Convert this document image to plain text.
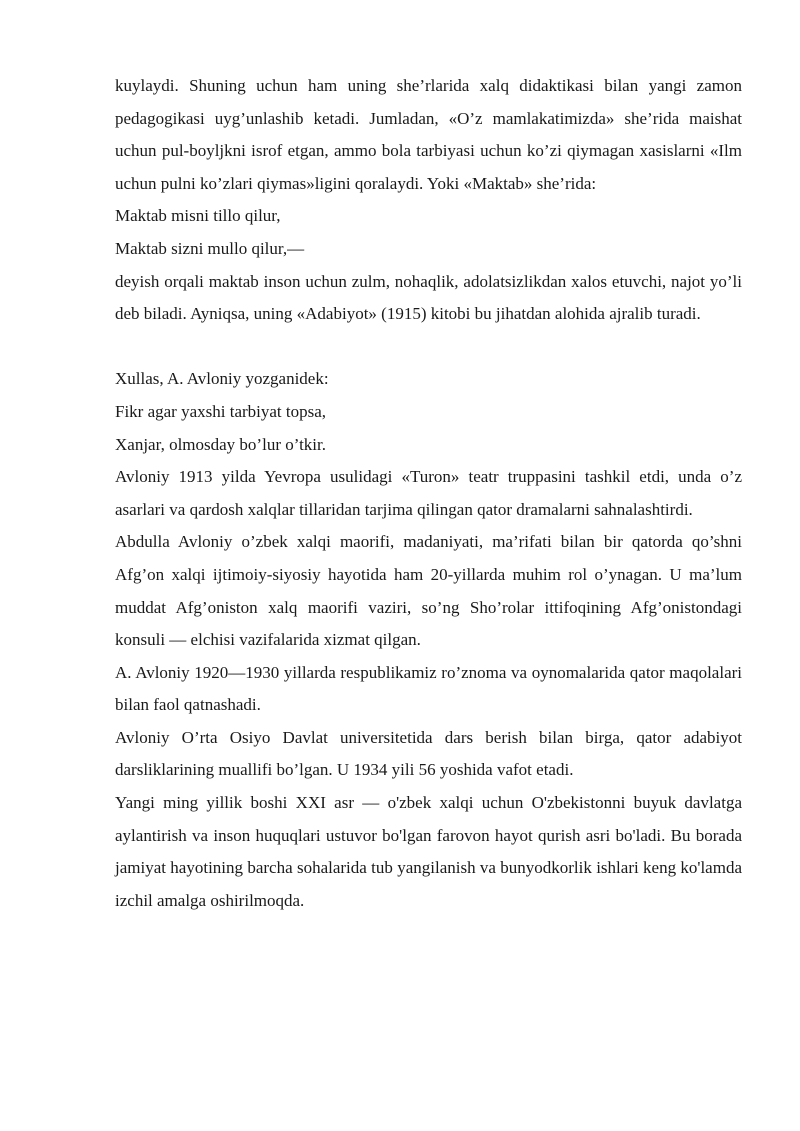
kuylaydi. Shuning uchun ham uning she’rlarida xalq didaktikasi bilan yangi zamon pedagogikasi uyg’unlashib ketadi. Jumladan, «O’z mamlakatimizda» she’rida maishat uchun pul-boyljkni isrof etgan, ammo bola tarbiyasi uchun ko’zi qiymagan xasislarni «Ilm uchun pulni ko’zlari qiymas»ligini qoralaydi. Yoki «Maktab» she’rida:

Maktab misni tillo qilur,

Maktab sizni mullo qilur,—

deyish orqali maktab inson uchun zulm, nohaqlik, adolatsizlikdan xalos etuvchi, najot yo’li deb biladi. Ayniqsa, uning «Adabiyot» (1915) kitobi bu jihatdan alohida ajralib turadi.

Xullas, A. Avloniy yozganidek:

Fikr agar yaxshi tarbiyat topsa,

Xanjar, olmosday bo’lur o’tkir.

Avloniy 1913 yilda Yevropa usulidagi «Turon» teatr truppasini tashkil etdi, unda o’z asarlari va qardosh xalqlar tillaridan tarjima qilingan qator dramalarni sahnalashtirdi.

Abdulla Avloniy o’zbek xalqi maorifi, madaniyati, ma’rifati bilan bir qatorda qo’shni Afg’on xalqi ijtimoiy-siyosiy hayotida ham 20-yillarda muhim rol o’ynagan. U ma’lum muddat Afg’oniston xalq maorifi vaziri, so’ng Sho’rolar ittifoqining Afg’onistondagi konsuli — elchisi vazifalarida xizmat qilgan.

A. Avloniy 1920—1930 yillarda respublikamiz ro’znoma va oynomalarida qator maqolalari bilan faol qatnashadi.

Avloniy O’rta Osiyo Davlat universitetida dars berish bilan birga, qator adabiyot darsliklarining muallifi bo’lgan. U 1934 yili 56 yoshida vafot etadi.

Yangi ming yillik boshi XXI asr — o'zbek xalqi uchun O'zbekistonni buyuk davlatga aylantirish va inson huquqlari ustuvor bo'lgan farovon hayot qurish asri bo'ladi. Bu borada jamiyat hayotining barcha sohalarida tub yangilanish va bunyodkorlik ishlari keng ko'lamda izchil amalga oshirilmoqda.
